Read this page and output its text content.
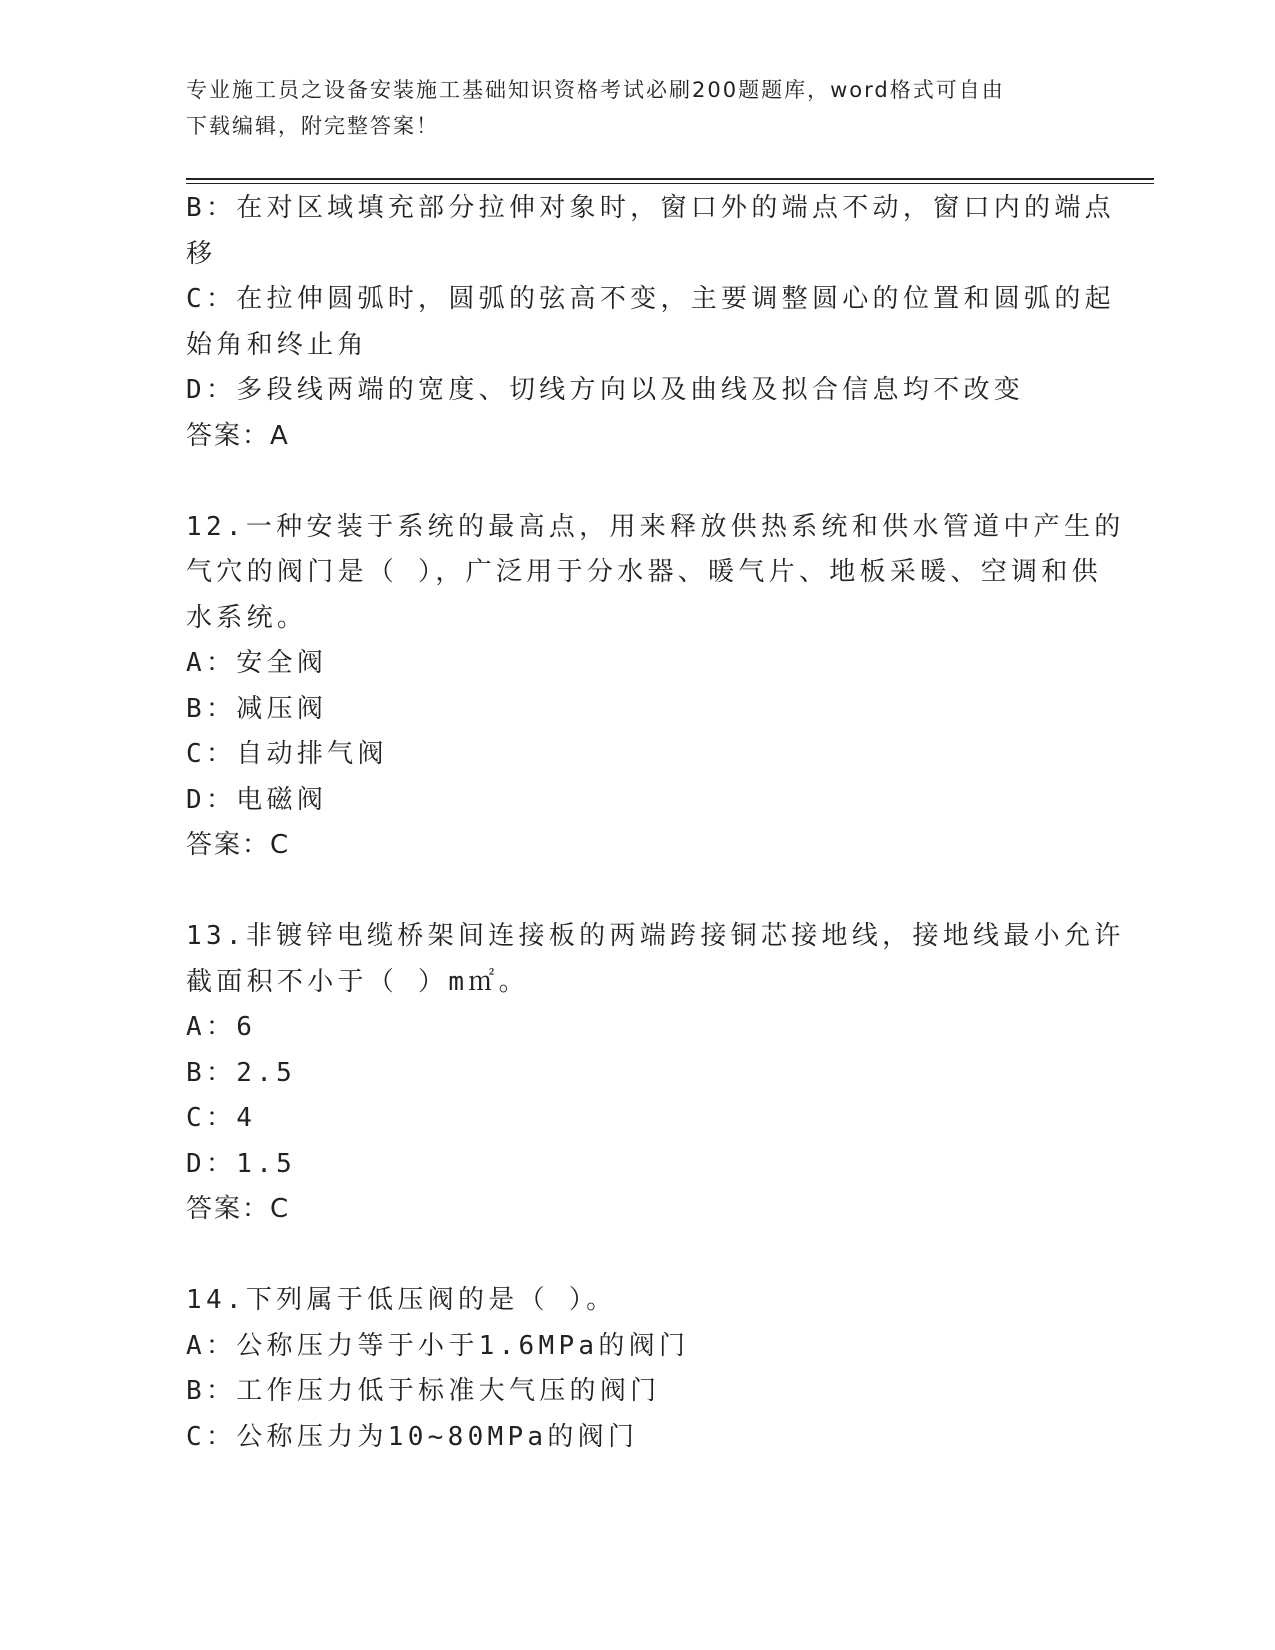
专业施工员之设备安装施工基础知识资格考试必刷200题题库，word格式可自由
下载编辑，附完整答案！
B：在对区域填充部分拉伸对象时，窗口外的端点不动，窗口内的端点
移
C：在拉伸圆弧时，圆弧的弦高不变，主要调整圆心的位置和圆弧的起
始角和终止角
D：多段线两端的宽度、切线方向以及曲线及拟合信息均不改变
答案：A
12.一种安装于系统的最高点，用来释放供热系统和供水管道中产生的
气穴的阀门是（ ），广泛用于分水器、暖气片、地板采暖、空调和供
水系统。
A：安全阀
B：减压阀
C：自动排气阀
D：电磁阀
答案：C
13.非镀锌电缆桥架间连接板的两端跨接铜芯接地线，接地线最小允许
截面积不小于（ ）m㎡。
A：6
B：2.5
C：4
D：1.5
答案：C
14.下列属于低压阀的是（ ）。
A：公称压力等于小于1.6MPa的阀门
B：工作压力低于标准大气压的阀门
C：公称压力为10~80MPa的阀门
